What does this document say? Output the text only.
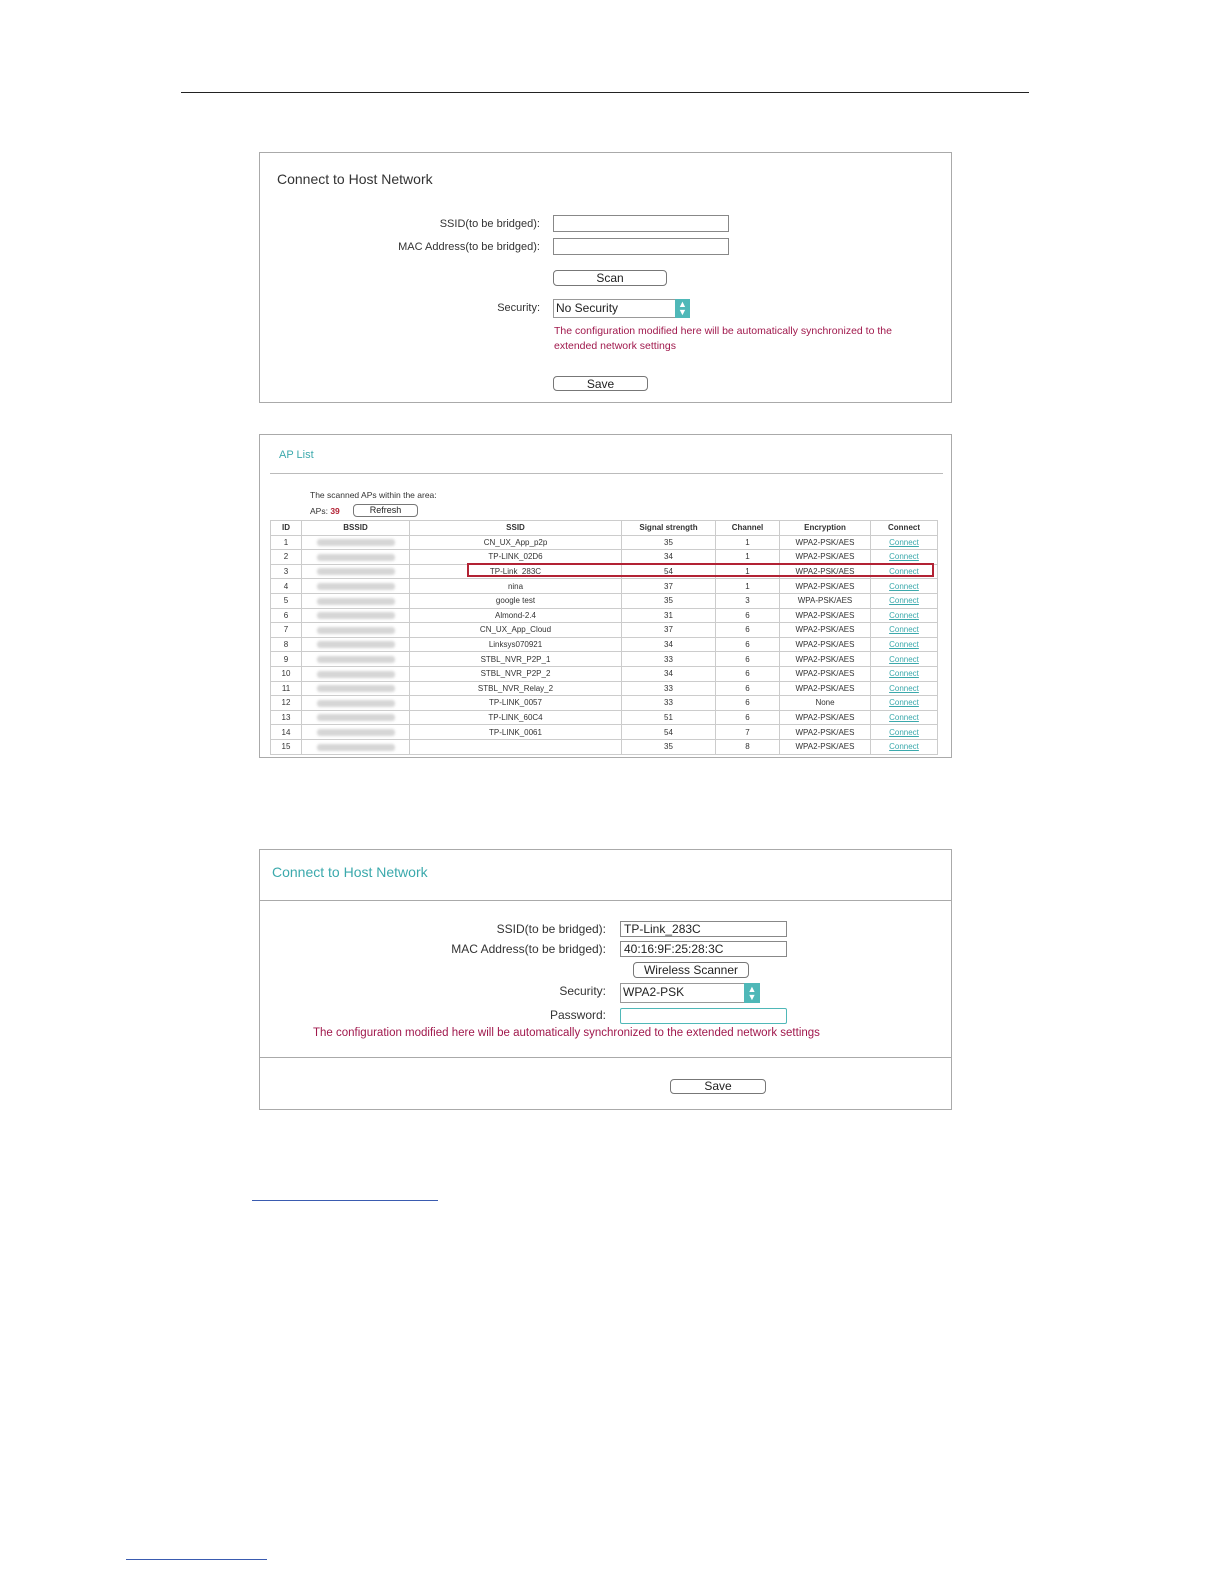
Connect to Host Network
SSID(to be bridged):
MAC Address(to be bridged):
Scan
Security: No Security	▲
▼
The configuration modified here will be automatically synchronized to the
extended network settings
Save
AP List
The scanned APs within the area:
APs: 39	Refresh
ID	BSSID	SSID	Signal strength	Channel	Encryption	Connect
1		CN_UX_App_p2p	35	1	WPA2-PSK/AES	Connect
2		TP-LINK_02D6	34	1	WPA2-PSK/AES	Connect
3		TP-Link_283C	54	1	WPA2-PSK/AES	Connect
4		nina	37	1	WPA2-PSK/AES	Connect
5		google test	35	3	WPA-PSK/AES	Connect
6		Almond-2.4	31	6	WPA2-PSK/AES	Connect
7		CN_UX_App_Cloud	37	6	WPA2-PSK/AES	Connect
8		Linksys070921	34	6	WPA2-PSK/AES	Connect
9		STBL_NVR_P2P_1	33	6	WPA2-PSK/AES	Connect
10		STBL_NVR_P2P_2	34	6	WPA2-PSK/AES	Connect
11		STBL_NVR_Relay_2	33	6	WPA2-PSK/AES	Connect
12		TP-LINK_0057	33	6	None	Connect
13		TP-LINK_60C4	51	6	WPA2-PSK/AES	Connect
14		TP-LINK_0061	54	7	WPA2-PSK/AES	Connect
15			35	8	WPA2-PSK/AES	Connect
Connect to Host Network
SSID(to be bridged):
TP-Link_283C
MAC Address(to be bridged):
40:16:9F:25:28:3C
Wireless Scanner
Security: WPA2-PSK	▲
▼
Password:
The configuration modified here will be automatically synchronized to the extended network settings
Save
